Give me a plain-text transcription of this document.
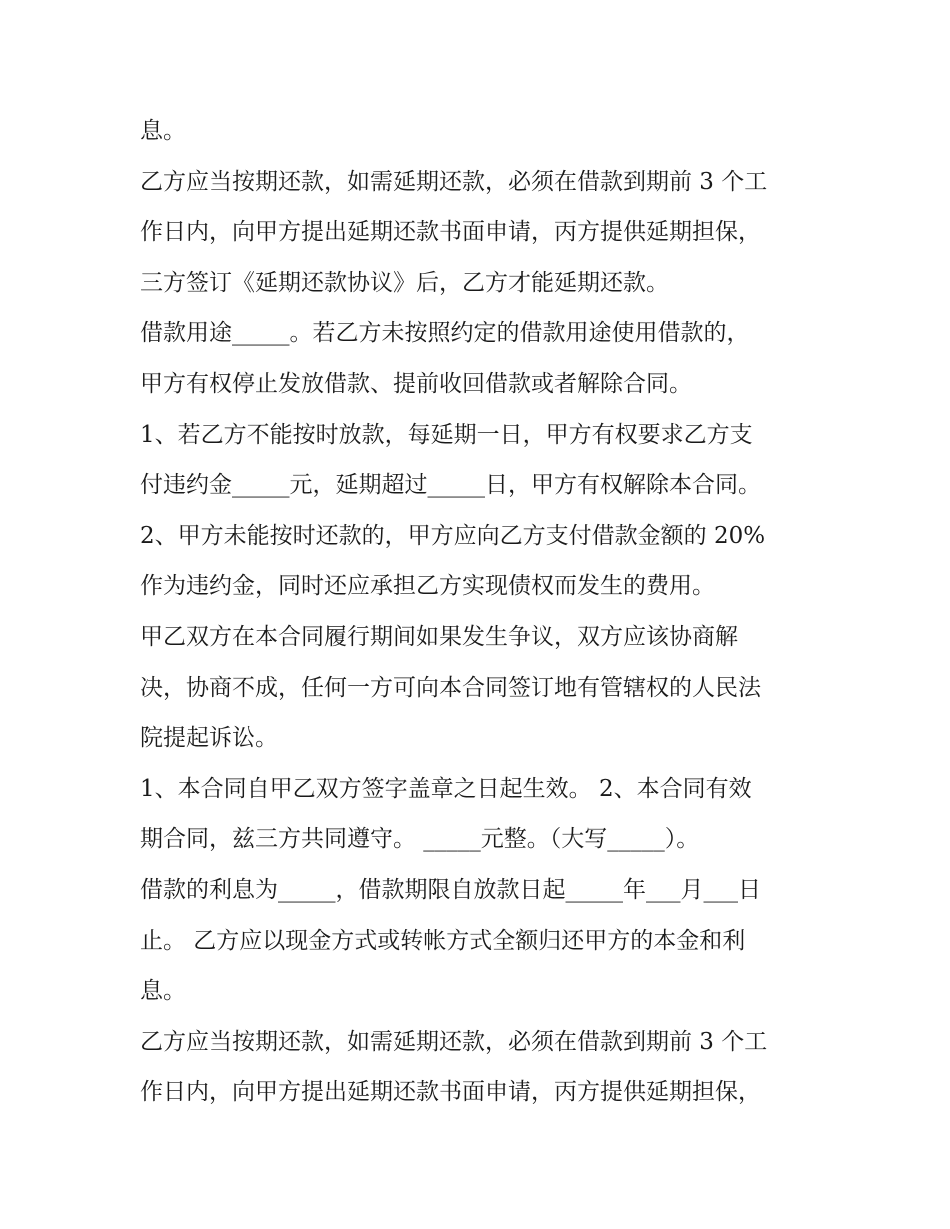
息。

乙方应当按期还款，如需延期还款，必须在借款到期前 3 个工

作日内，向甲方提出延期还款书面申请，丙方提供延期担保，

三方签订《延期还款协议》后，乙方才能延期还款。

借款用途_____。若乙方未按照约定的借款用途使用借款的，

甲方有权停止发放借款、提前收回借款或者解除合同。

1、若乙方不能按时放款，每延期一日，甲方有权要求乙方支

付违约金_____元，延期超过_____日，甲方有权解除本合同。

2、甲方未能按时还款的，甲方应向乙方支付借款金额的 20%

作为违约金，同时还应承担乙方实现债权而发生的费用。

甲乙双方在本合同履行期间如果发生争议，双方应该协商解

决，协商不成，任何一方可向本合同签订地有管辖权的人民法

院提起诉讼。

1、本合同自甲乙双方签字盖章之日起生效。 2、本合同有效

期合同，兹三方共同遵守。 _____元整。（大写_____）。

借款的利息为_____，借款期限自放款日起_____年___月___日

止。 乙方应以现金方式或转帐方式全额归还甲方的本金和利

息。

乙方应当按期还款，如需延期还款，必须在借款到期前 3 个工

作日内，向甲方提出延期还款书面申请，丙方提供延期担保，
